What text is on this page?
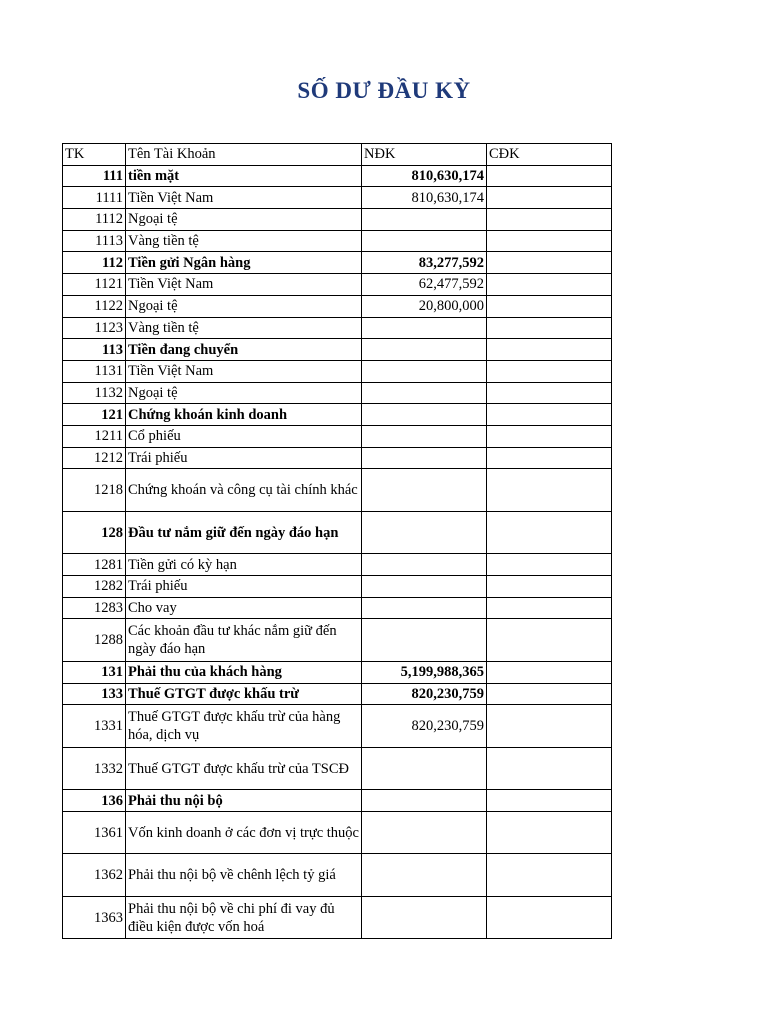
SỐ DƯ ĐẦU KỲ
TK	Tên Tài Khoản	NĐK	CĐK
111	tiền mặt	810,630,174	
1111	Tiền Việt Nam	810,630,174	
1112	Ngoại tệ		
1113	Vàng tiền tệ		
112	Tiền gửi Ngân hàng	83,277,592	
1121	Tiền Việt Nam	62,477,592	
1122	Ngoại tệ	20,800,000	
1123	Vàng tiền tệ		
113	Tiền đang chuyển		
1131	Tiền Việt Nam		
1132	Ngoại tệ		
121	Chứng khoán kinh doanh		
1211	Cổ phiếu		
1212	Trái phiếu		
1218	Chứng khoán và công cụ tài chính khác		
128	Đầu tư nắm giữ đến ngày đáo hạn		
1281	Tiền gửi có kỳ hạn		
1282	Trái phiếu		
1283	Cho vay		
1288	Các khoản đầu tư khác nắm giữ đến ngày đáo hạn		
131	Phải thu của khách hàng	5,199,988,365	
133	Thuế GTGT được khấu trừ	820,230,759	
1331	Thuế GTGT được khấu trừ của hàng hóa, dịch vụ	820,230,759	
1332	Thuế GTGT được khấu trừ của TSCĐ		
136	Phải thu nội bộ		
1361	Vốn kinh doanh ở các đơn vị trực thuộc		
1362	Phải thu nội bộ về chênh lệch tỷ giá		
1363	Phải thu nội bộ về chi phí đi vay đủ điều kiện được vốn hoá		
